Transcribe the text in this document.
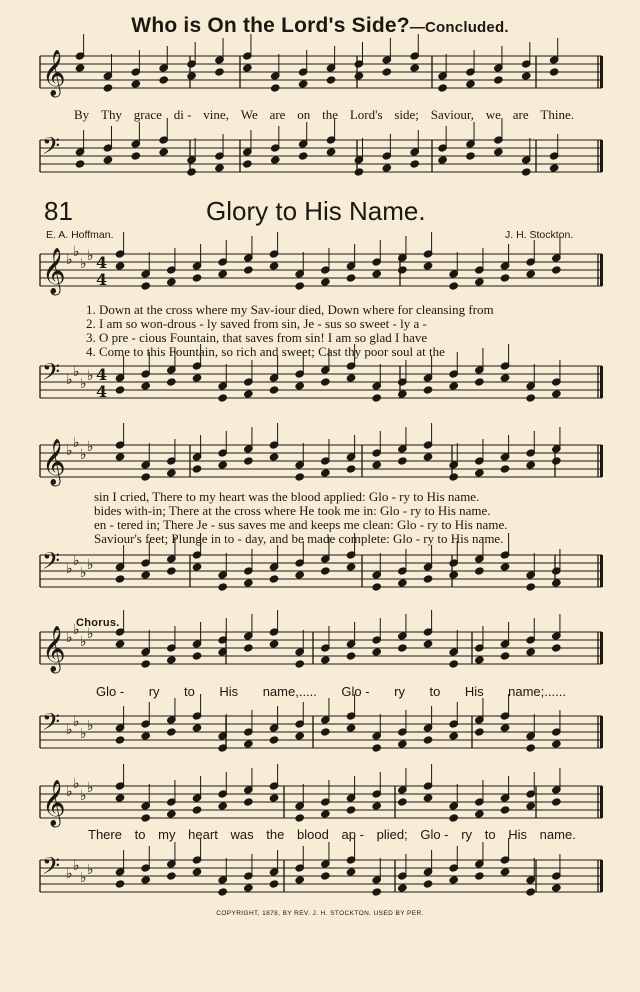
Who is On the Lord's Side?—Concluded.
𝄞
𝄢
𝄞 ♭ ♭
♭ ♭ 4
4
𝄢 ♭ ♭
♭ ♭ 4
4
𝄞 ♭ ♭
♭ ♭
𝄢 ♭ ♭
♭ ♭
𝄞 ♭ ♭
♭ ♭
𝄢 ♭ ♭
♭ ♭
𝄞 ♭ ♭
♭ ♭
𝄢 ♭ ♭
♭ ♭
By Thy grace di - vine, We are on the Lord's side; Saviour, we are Thine.
81	Glory to His Name.
E. A. Hoffman.	J. H. Stockton.
1. Down at the cross where my Sav-iour died, Down where for cleansing from
2. I am so won-drous - ly saved from sin, Je - sus so sweet - ly a -
3. O pre - cious Fountain, that saves from sin! I am so glad I have
4. Come to this Fountain, so rich and sweet; Cast thy poor soul at the
sin I cried, There to my heart was the blood applied: Glo - ry to His name.
bides with-in; There at the cross where He took me in: Glo - ry to His name.
en - tered in; There Je - sus saves me and keeps me clean: Glo - ry to His name.
Saviour's feet; Plunge in to - day, and be made complete: Glo - ry to His name.
Chorus.
Glo - ry to His name,..... Glo - ry to His name;......
There to my heart was the blood ap - plied; Glo - ry to His name.
COPYRIGHT, 1878, BY REV. J. H. STOCKTON. USED BY PER.
